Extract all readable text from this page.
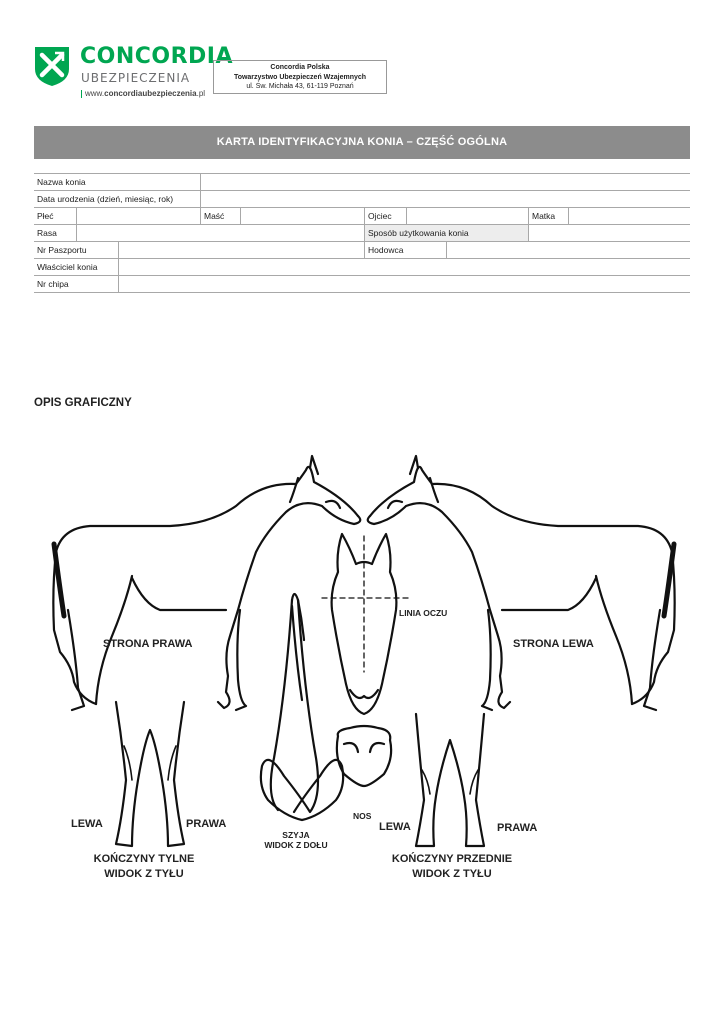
CONCORDIA
UBEZPIECZENIA
www.concordiaubezpieczenia.pl
Concordia Polska
Towarzystwo Ubezpieczeń Wzajemnych
ul. Św. Michała 43, 61-119 Poznań
KARTA IDENTYFIKACYJNA KONIA – CZĘŚĆ OGÓLNA
Nazwa konia
Data urodzenia (dzień, miesiąc, rok)
Płeć	Maść	Ojciec	Matka
Rasa	Sposób użytkowania konia
Nr Paszportu	Hodowca
Właściciel konia
Nr chipa
OPIS GRAFICZNY
STRONA PRAWA	STRONA LEWA
LINIA OCZU
NOS
SZYJA
WIDOK Z DOŁU
LEWA	PRAWA
KOŃCZYNY TYLNE
WIDOK Z TYŁU
LEWA	PRAWA
KOŃCZYNY PRZEDNIE
WIDOK Z TYŁU
